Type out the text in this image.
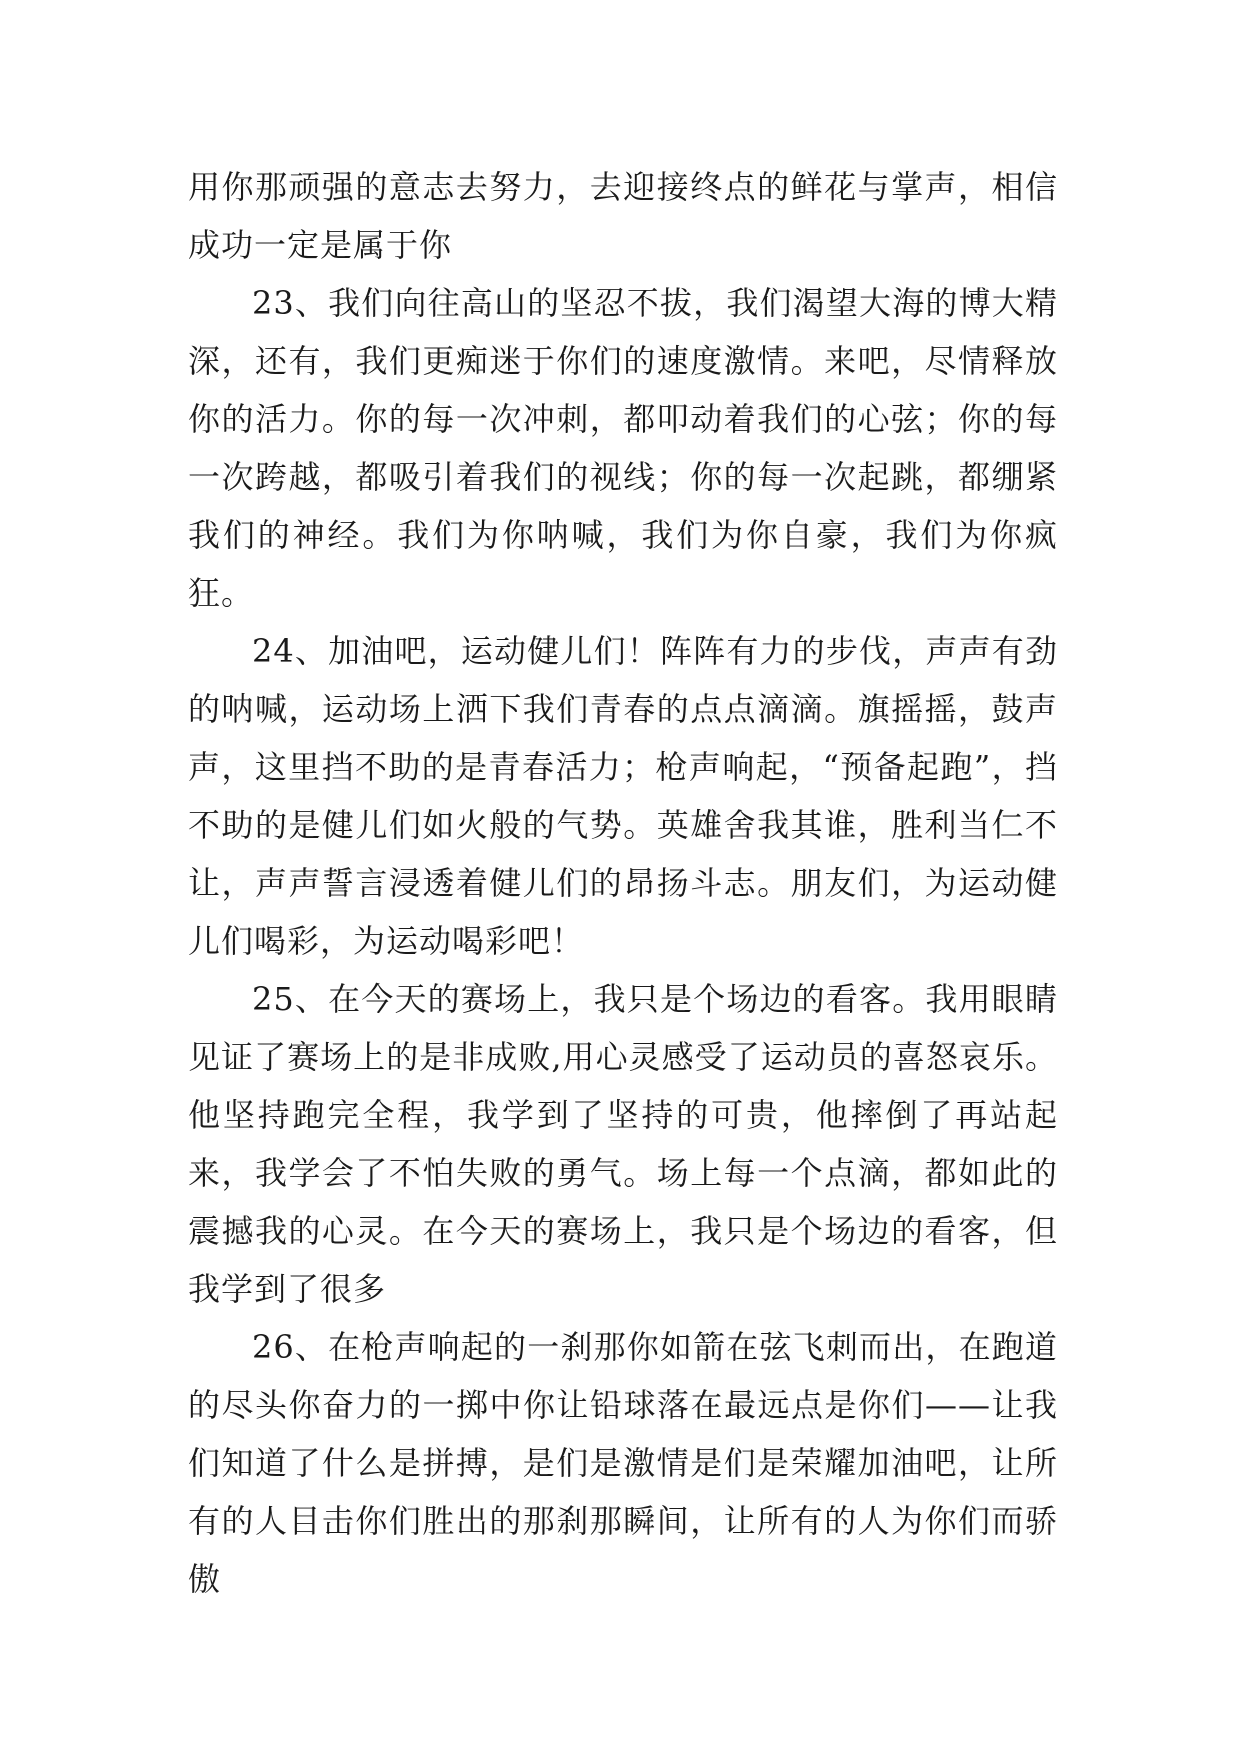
用你那顽强的意志去努力，去迎接终点的鲜花与掌声，相信成功一定是属于你

23、我们向往高山的坚忍不拔，我们渴望大海的博大精深，还有，我们更痴迷于你们的速度激情。来吧，尽情释放你的活力。你的每一次冲刺，都叩动着我们的心弦；你的每一次跨越，都吸引着我们的视线；你的每一次起跳，都绷紧我们的神经。我们为你呐喊，我们为你自豪，我们为你疯狂。

24、加油吧，运动健儿们！阵阵有力的步伐，声声有劲的呐喊，运动场上洒下我们青春的点点滴滴。旗摇摇，鼓声声，这里挡不助的是青春活力；枪声响起，“预备起跑”，挡不助的是健儿们如火般的气势。英雄舍我其谁，胜利当仁不让，声声誓言浸透着健儿们的昂扬斗志。朋友们，为运动健儿们喝彩，为运动喝彩吧！

25、在今天的赛场上，我只是个场边的看客。我用眼睛见证了赛场上的是非成败,用心灵感受了运动员的喜怒哀乐。他坚持跑完全程，我学到了坚持的可贵，他摔倒了再站起来，我学会了不怕失败的勇气。场上每一个点滴，都如此的震撼我的心灵。在今天的赛场上，我只是个场边的看客，但我学到了很多

26、在枪声响起的一刹那你如箭在弦飞刺而出，在跑道的尽头你奋力的一掷中你让铅球落在最远点是你们——让我们知道了什么是拼搏，是们是激情是们是荣耀加油吧，让所有的人目击你们胜出的那刹那瞬间，让所有的人为你们而骄傲
